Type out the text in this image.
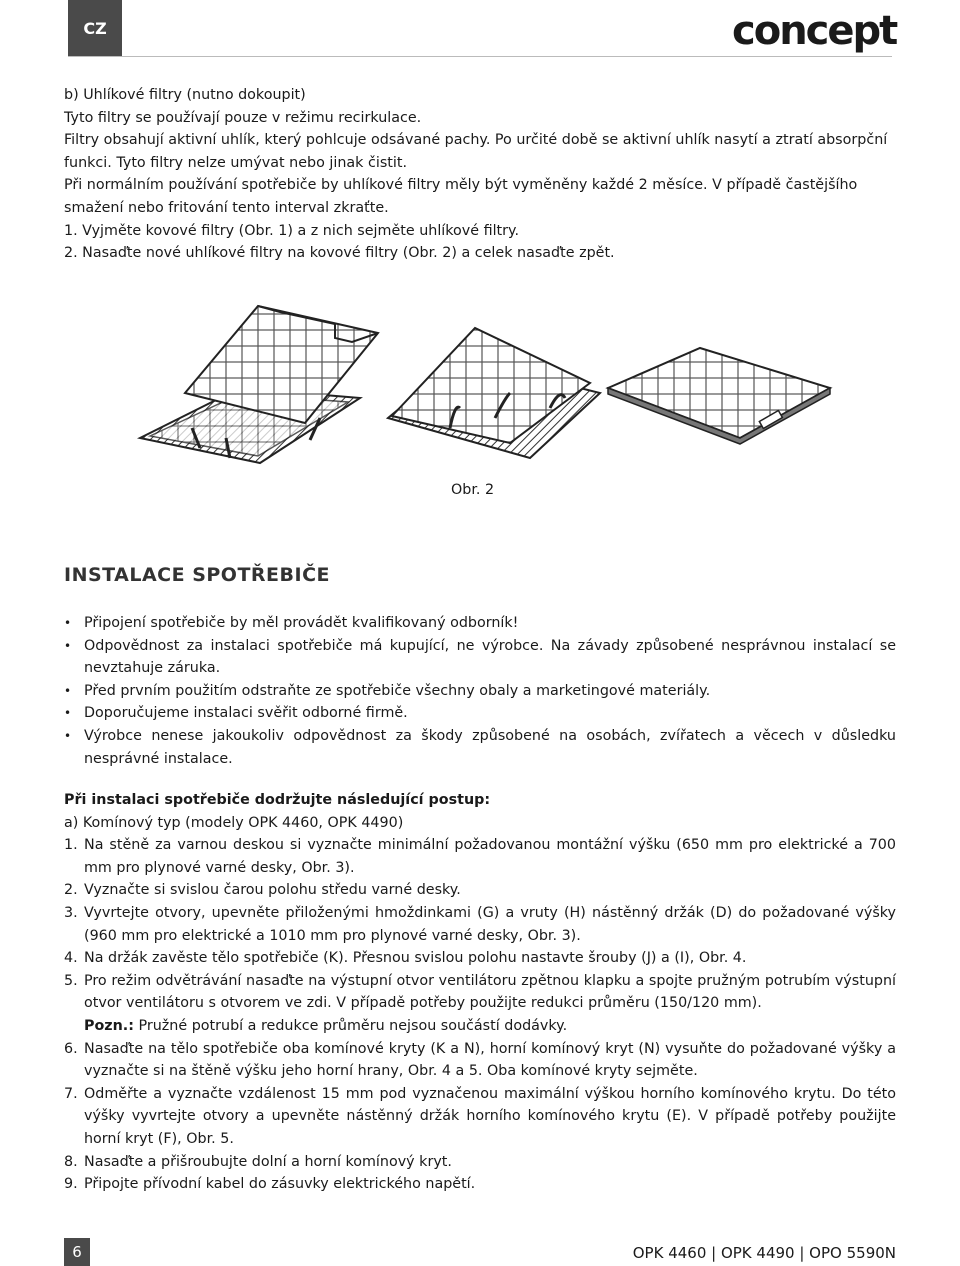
CZ	concept

b) Uhlíkové filtry (nutno dokoupit)

Tyto filtry se používají pouze v režimu recirkulace.

Filtry obsahují aktivní uhlík, který pohlcuje odsávané pachy. Po určité době se aktivní uhlík nasytí a ztratí absorpční funkci. Tyto filtry nelze umývat nebo jinak čistit.

Při normálním používání spotřebiče by uhlíkové filtry měly být vyměněny každé 2 měsíce. V případě častějšího smažení nebo fritování tento interval zkraťte.

1. Vyjměte kovové filtry (Obr. 1) a z nich sejměte uhlíkové filtry.

2. Nasaďte nové uhlíkové filtry na kovové filtry (Obr. 2) a celek nasaďte zpět.

Obr. 2
INSTALACE SPOTŘEBIČE
• Připojení spotřebiče by měl provádět kvalifikovaný odborník!
• Odpovědnost za instalaci spotřebiče má kupující, ne výrobce. Na závady způsobené nesprávnou instalací se nevztahuje záruka.
• Před prvním použitím odstraňte ze spotřebiče všechny obaly a marketingové materiály.
• Doporučujeme instalaci svěřit odborné firmě.
• Výrobce nenese jakoukoliv odpovědnost za škody způsobené na osobách, zvířatech a věcech v důsledku nesprávné instalace.

Při instalaci spotřebiče dodržujte následující postup:

a) Komínový typ (modely OPK 4460, OPK 4490)

1. Na stěně za varnou deskou si vyznačte minimální požadovanou montážní výšku (650 mm pro elektrické a 700 mm pro plynové varné desky, Obr. 3).
2. Vyznačte si svislou čarou polohu středu varné desky.
3. Vyvrtejte otvory, upevněte přiloženými hmoždinkami (G) a vruty (H) nástěnný držák (D) do požadované výšky (960 mm pro elektrické a 1010 mm pro plynové varné desky, Obr. 3).
4. Na držák zavěste tělo spotřebiče (K). Přesnou svislou polohu nastavte šrouby (J) a (I), Obr. 4.
5. Pro režim odvětrávání nasaďte na výstupní otvor ventilátoru zpětnou klapku a spojte pružným potrubím výstupní otvor ventilátoru s otvorem ve zdi. V případě potřeby použijte redukci průměru (150/120 mm).

Pozn.: Pružné potrubí a redukce průměru nejsou součástí dodávky.

6. Nasaďte na tělo spotřebiče oba komínové kryty (K a N), horní komínový kryt (N) vysuňte do požadované výšky a vyznačte si na štěně výšku jeho horní hrany, Obr. 4 a 5. Oba komínové kryty sejměte.
7. Odměřte a vyznačte vzdálenost 15 mm pod vyznačenou maximální výškou horního komínového krytu. Do této výšky vyvrtejte otvory a upevněte nástěnný držák horního komínového krytu (E). V případě potřeby použijte horní kryt (F), Obr. 5.
8. Nasaďte a přišroubujte dolní a horní komínový kryt.
9. Připojte přívodní kabel do zásuvky elektrického napětí.
6	OPK 4460 | OPK 4490 | OPO 5590N
